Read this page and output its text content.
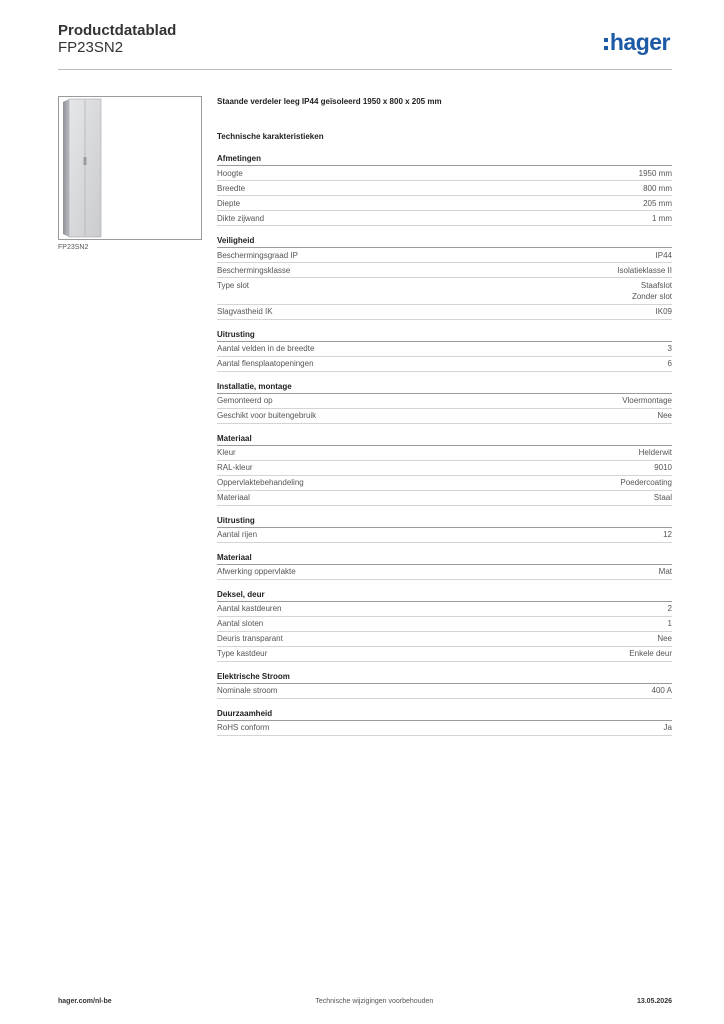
Productdatablad
FP23SN2	hager
FP23SN2
Staande verdeler leeg IP44 geïsoleerd 1950 x 800 x 205 mm
Technische karakteristieken
Afmetingen
Hoogte	1950 mm
Breedte	800 mm
Diepte	205 mm
Dikte zijwand	1 mm
Veiligheid
Beschermingsgraad IP	IP44
Beschermingsklasse	Isolatieklasse II
Type slot	Staafslot
Zonder slot
Slagvastheid IK	IK09
Uitrusting
Aantal velden in de breedte	3
Aantal flensplaatopeningen	6
Installatie, montage
Gemonteerd op	Vloermontage
Geschikt voor buitengebruik	Nee
Materiaal
Kleur	Helderwit
RAL-kleur	9010
Oppervlaktebehandeling	Poedercoating
Materiaal	Staal
Uitrusting
Aantal rijen	12
Materiaal
Afwerking oppervlakte	Mat
Deksel, deur
Aantal kastdeuren	2
Aantal sloten	1
Deuris transparant	Nee
Type kastdeur	Enkele deur
Elektrische Stroom
Nominale stroom	400 A
Duurzaamheid
RoHS conform	Ja
hager.com/nl-be	Technische wijzigingen voorbehouden	13.05.2026
